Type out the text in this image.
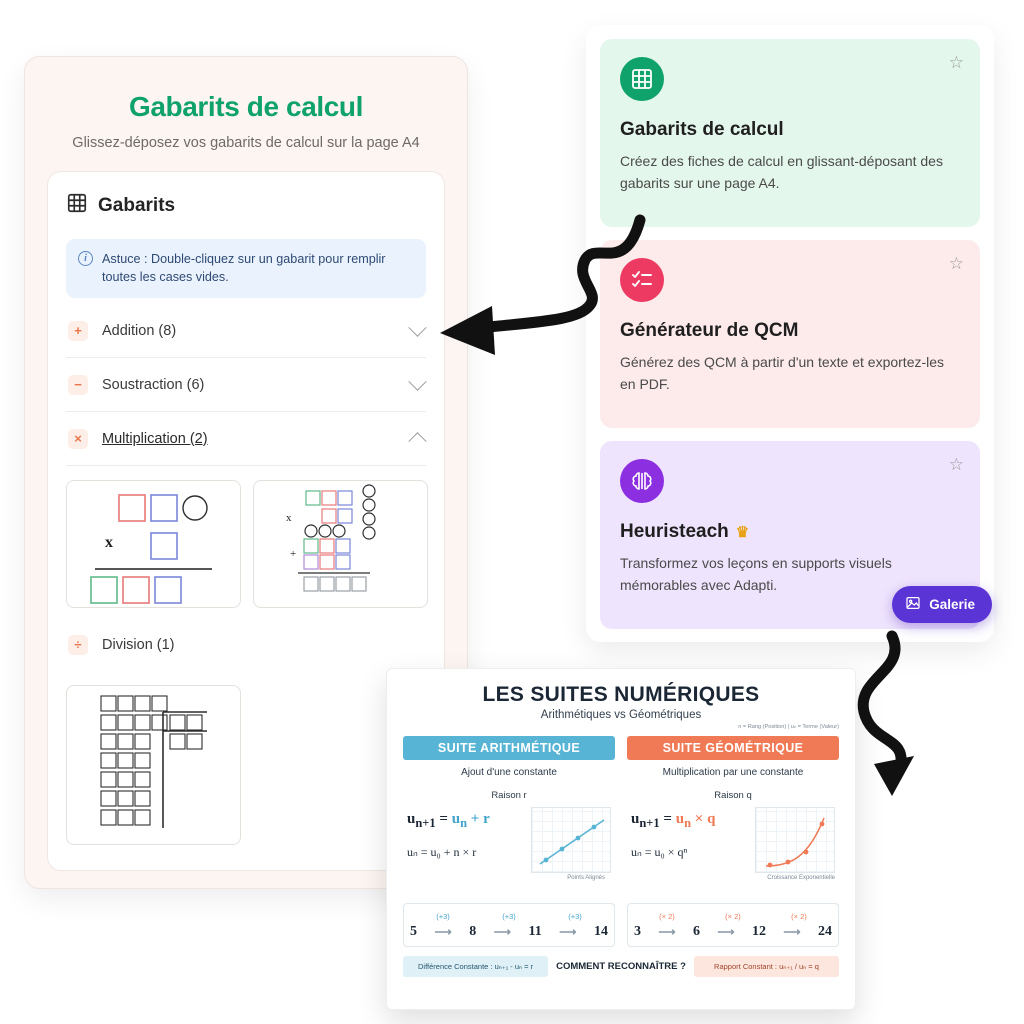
Gabarits de calcul
Glissez-déposez vos gabarits de calcul sur la page A4
Gabarits
i	Astuce : Double-cliquez sur un gabarit pour remplir toutes les cases vides.
+	Addition (8)
−	Soustraction (6)
×	Multiplication (2)
x
x
+
÷	Division (1)
☆
Gabarits de calcul
Créez des fiches de calcul en glissant-déposant des gabarits sur une page A4.
☆
Générateur de QCM
Générez des QCM à partir d'un texte et exportez-les en PDF.
☆
Heuristeach ♛
Transformez vos leçons en supports visuels mémorables avec Adapti.
Galerie
LES SUITES NUMÉRIQUES
Arithmétiques vs Géométriques
n = Rang (Position) | uₙ = Terme (Valeur)
SUITE ARITHMÉTIQUE
Ajout d'une constante
Raison r
$u_{n+1} = u_n + r$
uₙ = u₀ + n × r
Points Alignés
(+3)	(+3)	(+3)
5 ⟶ 8 ⟶ 11 ⟶ 14
SUITE GÉOMÉTRIQUE
Multiplication par une constante
Raison q
$u_{n+1} = u_n \times q$
uₙ = u₀ × qⁿ
Croissance Exponentielle
(× 2)	(× 2)	(× 2)
3 ⟶ 6 ⟶ 12 ⟶ 24
Différence Constante : uₙ₊₁ - uₙ = r	COMMENT RECONNAÎTRE ?	Rapport Constant : uₙ₊₁ / uₙ = q
